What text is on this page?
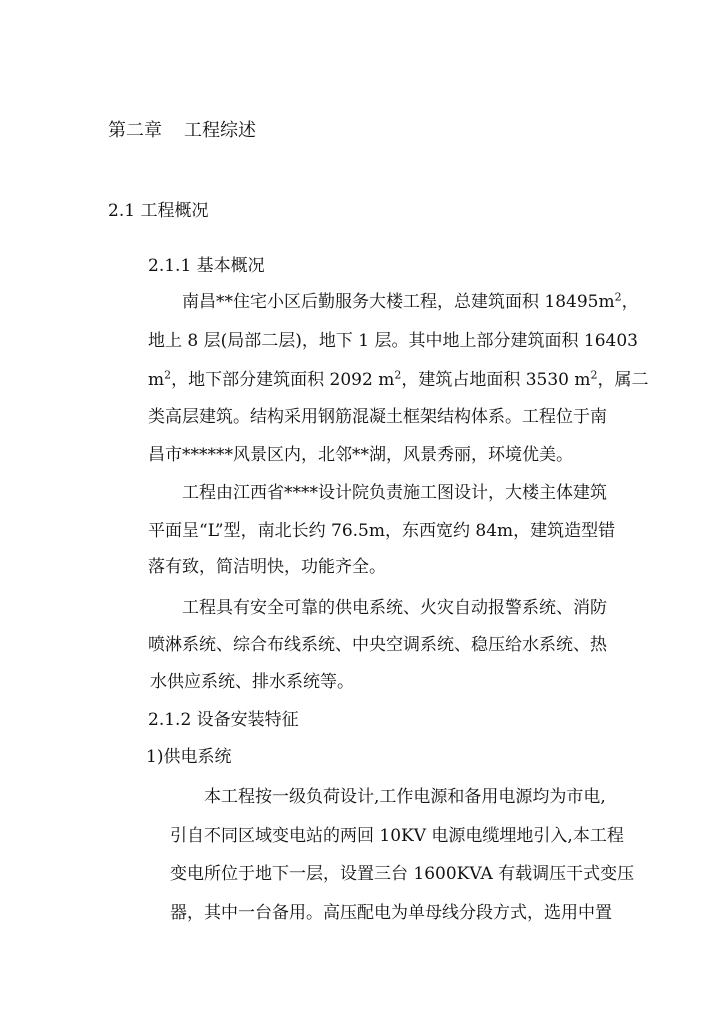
第二章 工程综述
2.1 工程概况
2.1.1 基本概况
南昌**住宅小区后勤服务大楼工程，总建筑面积 $18495m^2$，
地上 8 层(局部二层)，地下 1 层。其中地上部分建筑面积 16403
$m^2$，地下部分建筑面积 2092 $m^2$，建筑占地面积 3530 $m^2$，属二
类高层建筑。结构采用钢筋混凝土框架结构体系。工程位于南
昌市******风景区内，北邻**湖，风景秀丽，环境优美。
工程由江西省****设计院负责施工图设计，大楼主体建筑
平面呈“L”型，南北长约 76.5m，东西宽约 84m，建筑造型错
落有致，简洁明快，功能齐全。
工程具有安全可靠的供电系统、火灾自动报警系统、消防
喷淋系统、综合布线系统、中央空调系统、稳压给水系统、热
水供应系统、排水系统等。
2.1.2 设备安装特征
1)供电系统
本工程按一级负荷设计,工作电源和备用电源均为市电,
引自不同区域变电站的两回 10KV 电源电缆埋地引入,本工程
变电所位于地下一层，设置三台 1600KVA 有载调压干式变压
器，其中一台备用。高压配电为单母线分段方式，选用中置
